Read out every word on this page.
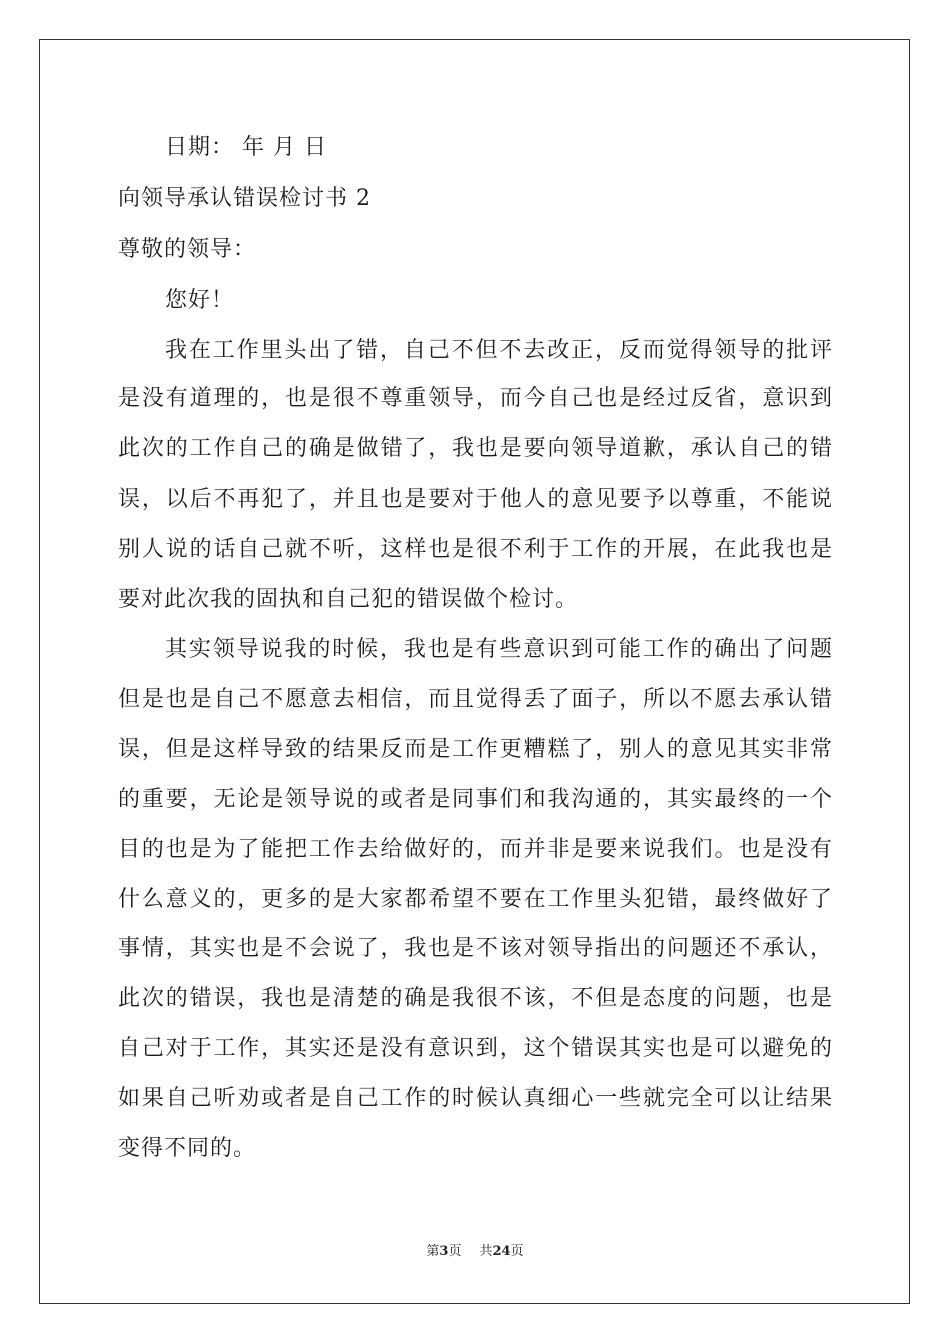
日期： 年 月 日
向领导承认错误检讨书 2
尊敬的领导：
您好！
我在工作里头出了错，自己不但不去改正，反而觉得领导的批评
是没有道理的，也是很不尊重领导，而今自己也是经过反省，意识到
此次的工作自己的确是做错了，我也是要向领导道歉，承认自己的错
误，以后不再犯了，并且也是要对于他人的意见要予以尊重，不能说
别人说的话自己就不听，这样也是很不利于工作的开展，在此我也是
要对此次我的固执和自己犯的错误做个检讨。
其实领导说我的时候，我也是有些意识到可能工作的确出了问题
但是也是自己不愿意去相信，而且觉得丢了面子，所以不愿去承认错
误，但是这样导致的结果反而是工作更糟糕了，别人的意见其实非常
的重要，无论是领导说的或者是同事们和我沟通的，其实最终的一个
目的也是为了能把工作去给做好的，而并非是要来说我们。也是没有
什么意义的，更多的是大家都希望不要在工作里头犯错，最终做好了
事情，其实也是不会说了，我也是不该对领导指出的问题还不承认，
此次的错误，我也是清楚的确是我很不该，不但是态度的问题，也是
自己对于工作，其实还是没有意识到，这个错误其实也是可以避免的
如果自己听劝或者是自己工作的时候认真细心一些就完全可以让结果
变得不同的。
第3页 共24页
